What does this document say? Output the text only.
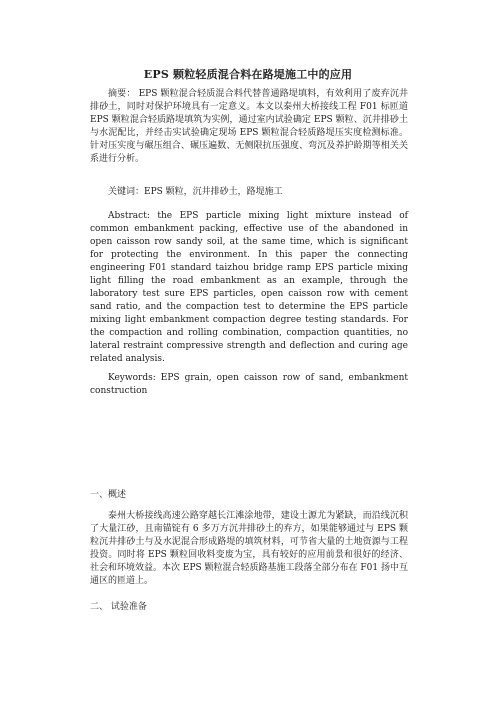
EPS 颗粒轻质混合料在路堤施工中的应用

摘要： EPS 颗粒混合轻质混合料代替普通路堤填料，有效利用了废弃沉井排砂土，同时对保护环境具有一定意义。本文以泰州大桥接线工程 F01 标匝道 EPS 颗粒混合轻质路堤填筑为实例，通过室内试验确定 EPS 颗粒、沉井排砂土与水泥配比，并经击实试验确定现场 EPS 颗粒混合轻质路堤压实度检测标准。针对压实度与碾压组合、碾压遍数、无侧限抗压强度、弯沉及养护龄期等相关关系进行分析。

关键词：EPS 颗粒，沉井排砂土，路堤施工

Abstract: the EPS particle mixing light mixture instead of common embankment packing, effective use of the abandoned in open caisson row sandy soil, at the same time, which is significant for protecting the environment. In this paper the connecting engineering F01 standard taizhou bridge ramp EPS particle mixing light filling the road embankment as an example, through the laboratory test sure EPS particles, open caisson row with cement sand ratio, and the compaction test to determine the EPS particle mixing light embankment compaction degree testing standards. For the compaction and rolling combination, compaction quantities, no lateral restraint compressive strength and deflection and curing age related analysis.

Keywords: EPS grain, open caisson row of sand, embankment construction

一、概述

泰州大桥接线高速公路穿越长江滩涂地带，建设土源尤为紧缺，而沿线沉积了大量江砂，且南锚锭有 6 多万方沉井排砂土的弃方，如果能够通过与 EPS 颗粒沉井排砂土与及水泥混合形成路堤的填筑材料，可节省大量的土地资源与工程投资。同时将 EPS 颗粒回收料变废为宝，具有较好的应用前景和很好的经济、社会和环境效益。本次 EPS 颗粒混合轻质路基施工段落全部分布在 F01 扬中互通区的匝道上。

二、 试验准备
